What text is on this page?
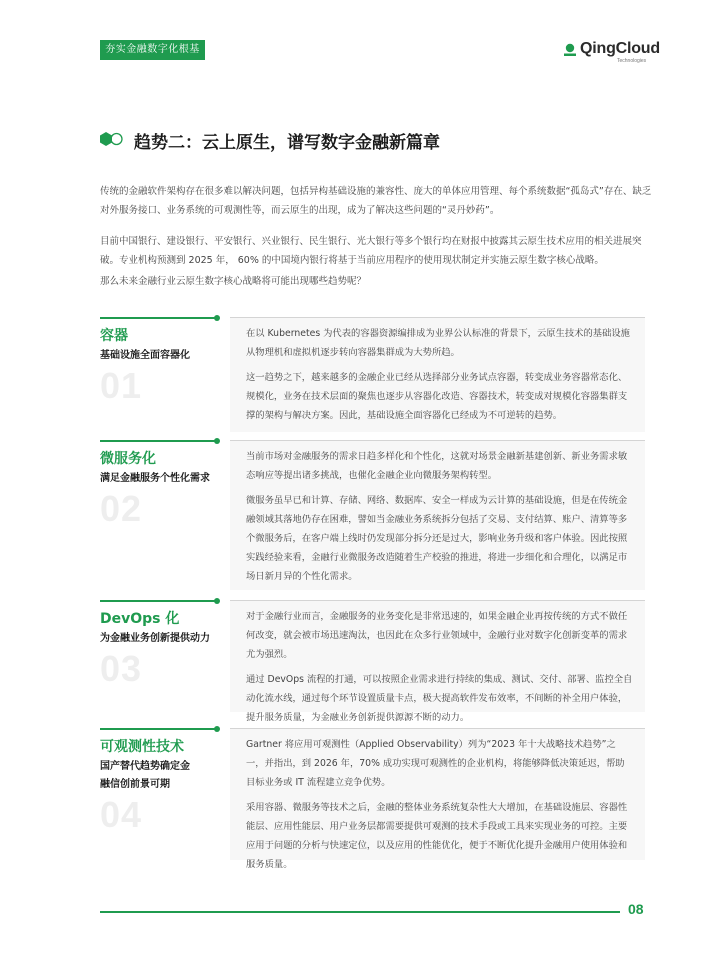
夯实金融数字化根基	QingCloud
Technologies
趋势二：云上原生，谱写数字金融新篇章

传统的金融软件架构存在很多难以解决问题，包括异构基础设施的兼容性、庞大的单体应用管理、每个系统数据“孤岛式”存在、缺乏对外服务接口、业务系统的可观测性等，而云原生的出现，成为了解决这些问题的“灵丹妙药”。

目前中国银行、建设银行、平安银行、兴业银行、民生银行、光大银行等多个银行均在财报中披露其云原生技术应用的相关进展突破。专业机构预测到 2025 年， 60% 的中国境内银行将基于当前应用程序的使用现状制定并实施云原生数字核心战略。

那么未来金融行业云原生数字核心战略将可能出现哪些趋势呢？

容器
基础设施全面容器化
01

在以 Kubernetes 为代表的容器资源编排成为业界公认标准的背景下，云原生技术的基础设施从物理机和虚拟机逐步转向容器集群成为大势所趋。

这一趋势之下，越来越多的金融企业已经从选择部分业务试点容器，转变成业务容器常态化、规模化，业务在技术层面的聚焦也逐步从容器化改造、容器技术，转变成对规模化容器集群支撑的架构与解决方案。因此，基础设施全面容器化已经成为不可逆转的趋势。

微服务化
满足金融服务个性化需求
02

当前市场对金融服务的需求日趋多样化和个性化，这就对场景金融新基建创新、新业务需求敏态响应等提出诸多挑战，也催化金融企业向微服务架构转型。

微服务虽早已和计算、存储、网络、数据库、安全一样成为云计算的基础设施，但是在传统金融领域其落地仍存在困难，譬如当金融业务系统拆分包括了交易、支付结算、账户、清算等多个微服务后，在客户端上线时仍发现部分拆分还是过大，影响业务升级和客户体验。因此按照实践经验来看，金融行业微服务改造随着生产校验的推进，将进一步细化和合理化，以满足市场日新月异的个性化需求。

DevOps 化
为金融业务创新提供动力
03

对于金融行业而言，金融服务的业务变化是非常迅速的，如果金融企业再按传统的方式不做任何改变，就会被市场迅速淘汰，也因此在众多行业领域中，金融行业对数字化创新变革的需求尤为强烈。

通过 DevOps 流程的打通，可以按照企业需求进行持续的集成、测试、交付、部署、监控全自动化流水线，通过每个环节设置质量卡点，极大提高软件发布效率，不间断的补全用户体验，提升服务质量，为金融业务创新提供源源不断的动力。

可观测性技术
国产替代趋势确定金融信创前景可期
04

Gartner 将应用可观测性（Applied Observability）列为“2023 年十大战略技术趋势”之一，并指出，到 2026 年，70% 成功实现可观测性的企业机构，将能够降低决策延迟，帮助目标业务或 IT 流程建立竞争优势。

采用容器、微服务等技术之后，金融的整体业务系统复杂性大大增加，在基础设施层、容器性能层、应用性能层、用户业务层都需要提供可观测的技术手段或工具来实现业务的可控。主要应用于问题的分析与快速定位，以及应用的性能优化，便于不断优化提升金融用户使用体验和服务质量。

08
